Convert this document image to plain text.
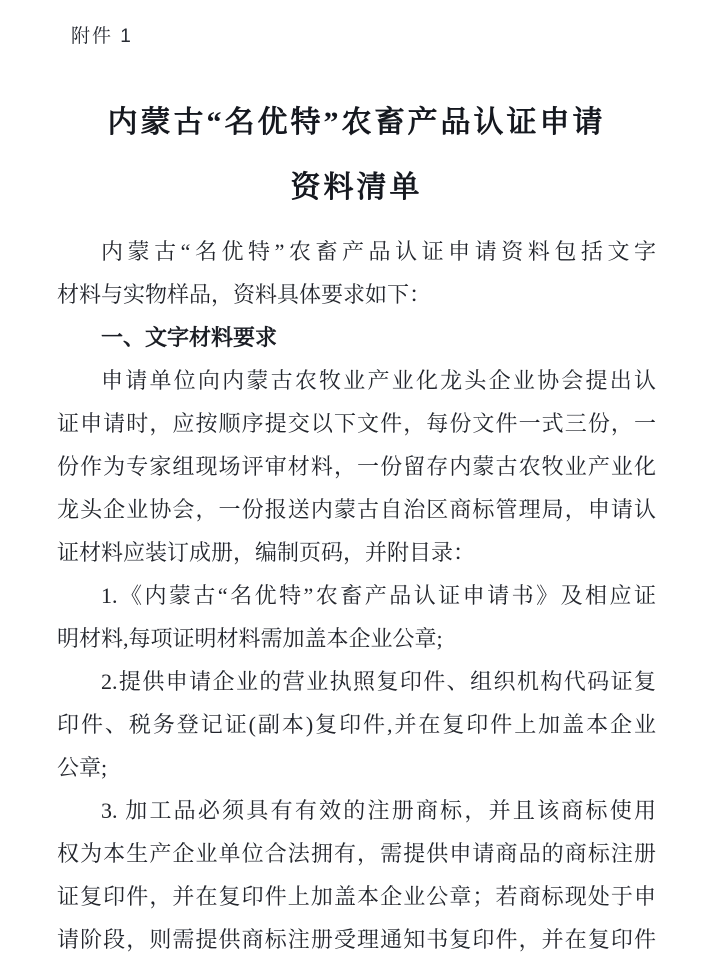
附件 1
内蒙古“名优特”农畜产品认证申请
资料清单
内蒙古“名优特”农畜产品认证申请资料包括文字
材料与实物样品，资料具体要求如下：
一、文字材料要求
申请单位向内蒙古农牧业产业化龙头企业协会提出认
证申请时，应按顺序提交以下文件，每份文件一式三份，一
份作为专家组现场评审材料，一份留存内蒙古农牧业产业化
龙头企业协会，一份报送内蒙古自治区商标管理局，申请认
证材料应装订成册，编制页码，并附目录：
1.《内蒙古“名优特”农畜产品认证申请书》及相应证
明材料,每项证明材料需加盖本企业公章;
2.提供申请企业的营业执照复印件、组织机构代码证复
印件、税务登记证(副本)复印件,并在复印件上加盖本企业
公章;
3. 加工品必须具有有效的注册商标，并且该商标使用
权为本生产企业单位合法拥有，需提供申请商品的商标注册
证复印件，并在复印件上加盖本企业公章；若商标现处于申
请阶段，则需提供商标注册受理通知书复印件，并在复印件
